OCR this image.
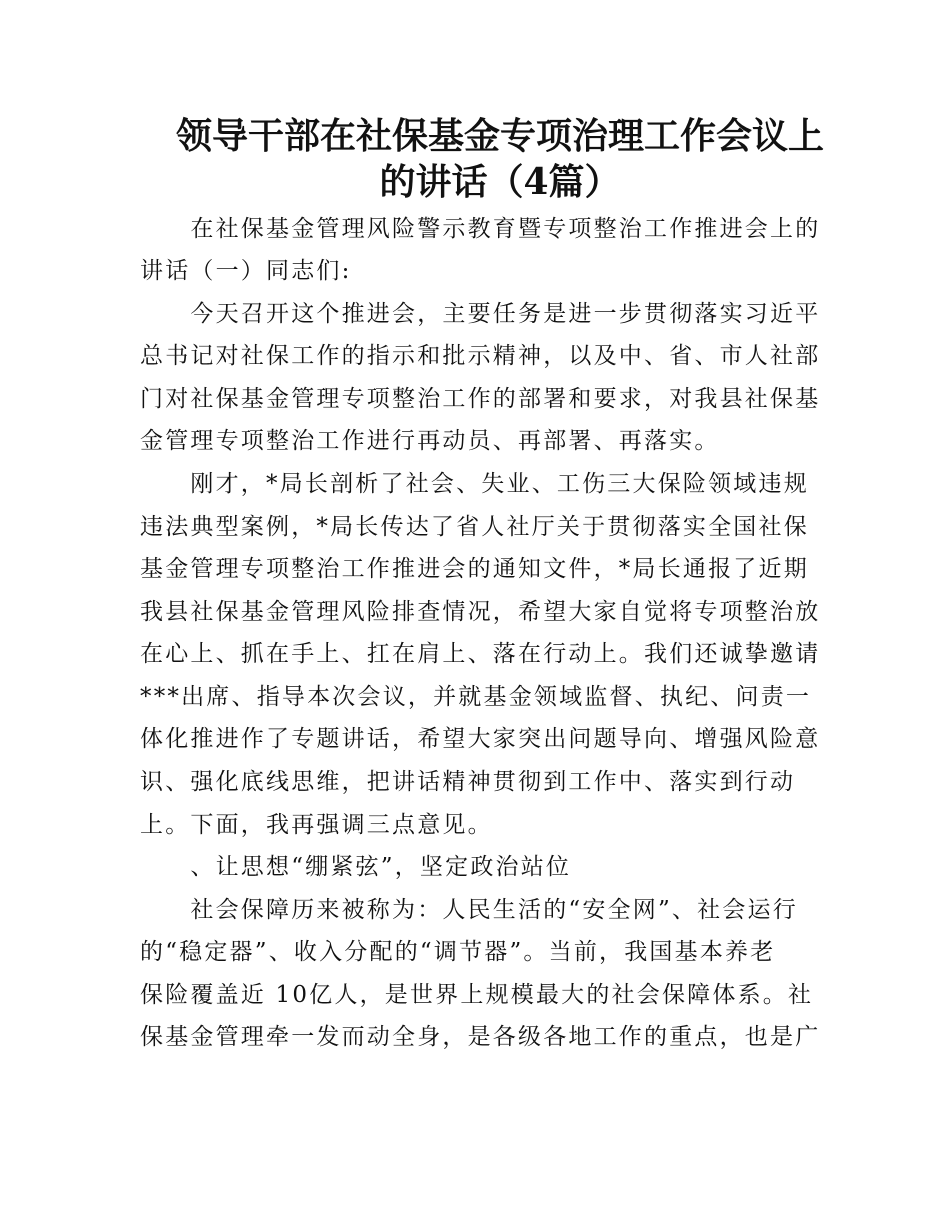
领导干部在社保基金专项治理工作会议上
的讲话（4篇）
　　在社保基金管理风险警示教育暨专项整治工作推进会上的
讲话（一）同志们:
　　今天召开这个推进会，主要任务是进一步贯彻落实习近平
总书记对社保工作的指示和批示精神，以及中、省、市人社部
门对社保基金管理专项整治工作的部署和要求，对我县社保基
金管理专项整治工作进行再动员、再部署、再落实。
　　刚才，*局长剖析了社会、失业、工伤三大保险领域违规
违法典型案例，*局长传达了省人社厅关于贯彻落实全国社保
基金管理专项整治工作推进会的通知文件，*局长通报了近期
我县社保基金管理风险排查情况，希望大家自觉将专项整治放
在心上、抓在手上、扛在肩上、落在行动上。我们还诚挚邀请
***出席、指导本次会议，并就基金领域监督、执纪、问责一
体化推进作了专题讲话，希望大家突出问题导向、增强风险意
识、强化底线思维，把讲话精神贯彻到工作中、落实到行动
上。下面，我再强调三点意见。
　　、让思想“绷紧弦”，坚定政治站位
　　社会保障历来被称为：人民生活的“安全网”、社会运行
的“稳定器”、收入分配的“调节器”。当前，我国基本养老
保险覆盖近 10亿人，是世界上规模最大的社会保障体系。社
保基金管理牵一发而动全身，是各级各地工作的重点，也是广
